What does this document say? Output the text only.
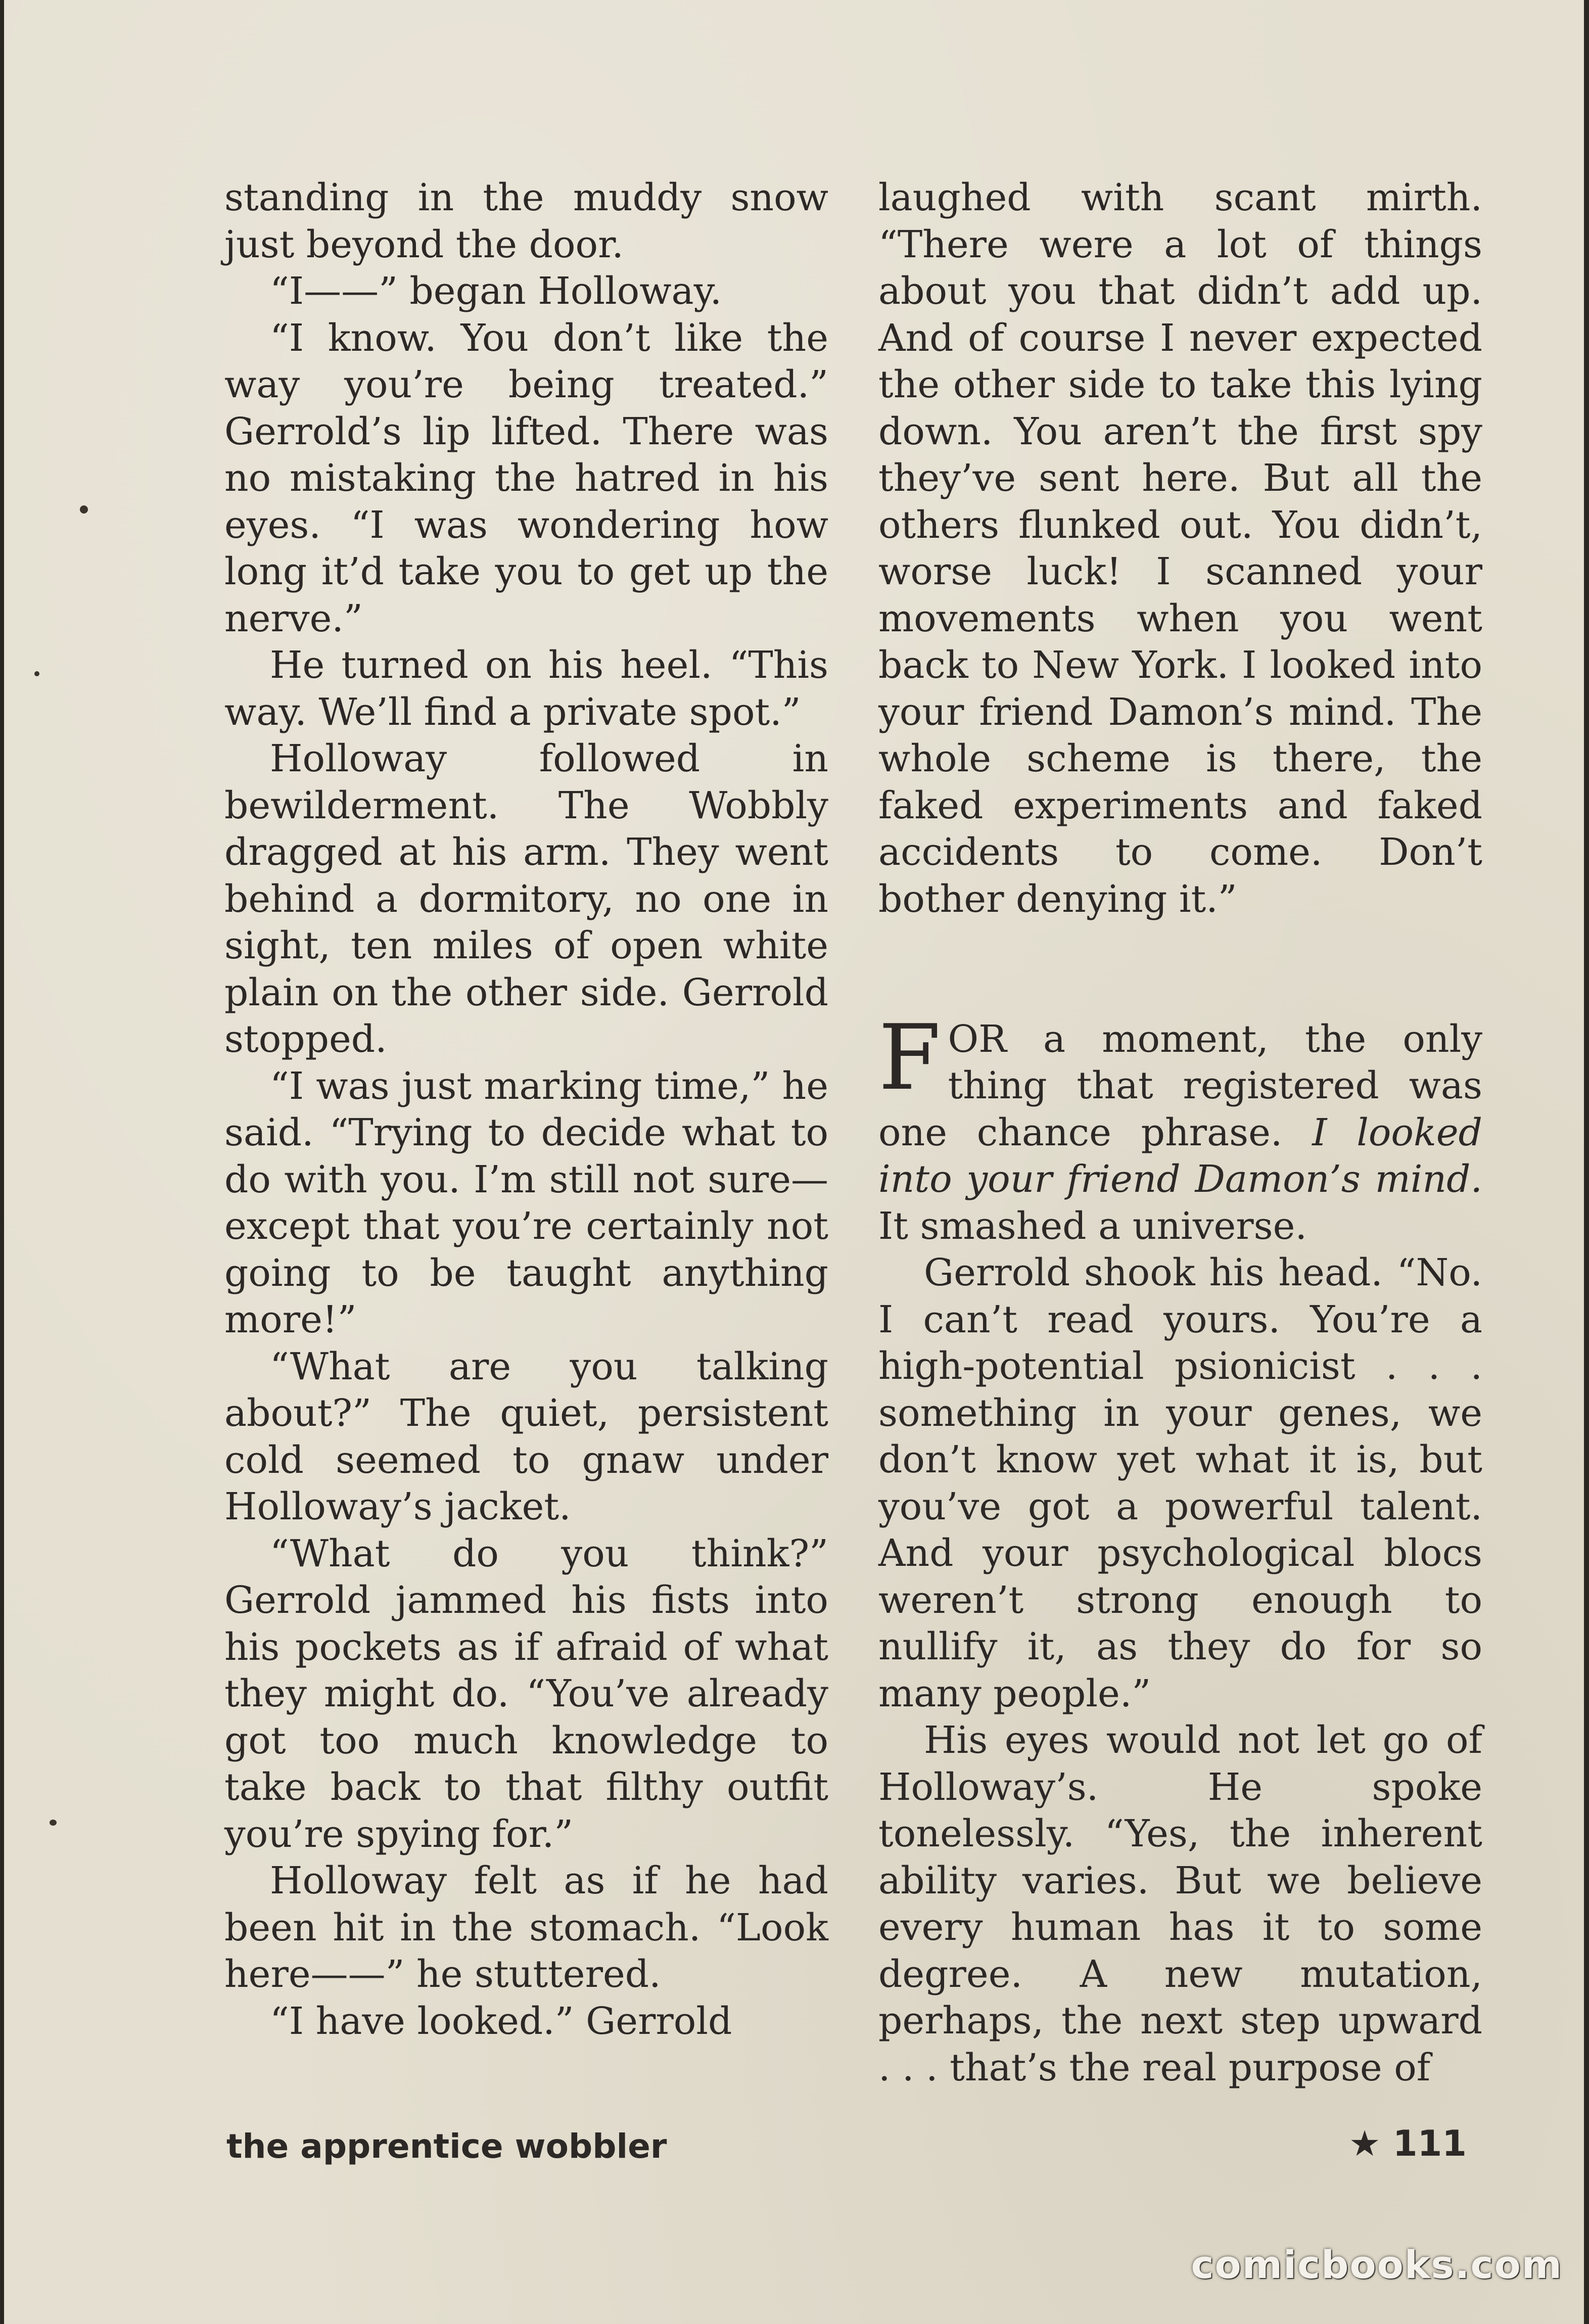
standing in the muddy snow just beyond the door.

“I——” began Holloway.

“I know. You don’t like the way you’re being treated.” Gerrold’s lip lifted. There was no mistaking the hatred in his eyes. “I was wondering how long it’d take you to get up the nerve.”

He turned on his heel. “This way. We’ll find a private spot.”

Holloway followed in bewilderment. The Wobbly dragged at his arm. They went behind a dormitory, no one in sight, ten miles of open white plain on the other side. Gerrold stopped.

“I was just marking time,” he said. “Trying to decide what to do with you. I’m still not sure—except that you’re certainly not going to be taught anything more!”

“What are you talking about?” The quiet, persistent cold seemed to gnaw under Holloway’s jacket.

“What do you think?” Gerrold jammed his fists into his pockets as if afraid of what they might do. “You’ve already got too much knowledge to take back to that filthy outfit you’re spying for.”

Holloway felt as if he had been hit in the stomach. “Look here——” he stuttered.

“I have looked.” Gerrold

laughed with scant mirth. “There were a lot of things about you that didn’t add up. And of course I never expected the other side to take this lying down. You aren’t the first spy they’ve sent here. But all the others flunked out. You didn’t, worse luck! I scanned your movements when you went back to New York. I looked into your friend Damon’s mind. The whole scheme is there, the faked experiments and faked accidents to come. Don’t bother denying it.”

FOR a moment, the only thing that registered was one chance phrase. I looked into your friend Damon’s mind. It smashed a universe.

Gerrold shook his head. “No. I can’t read yours. You’re a high-potential psionicist . . . something in your genes, we don’t know yet what it is, but you’ve got a powerful talent. And your psychological blocs weren’t strong enough to nullify it, as they do for so many people.”

His eyes would not let go of Holloway’s. He spoke tonelessly. “Yes, the inherent ability varies. But we believe every human has it to some degree. A new mutation, perhaps, the next step upward . . . that’s the real purpose of

the apprentice wobbler	★ 111
comicbooks.com
